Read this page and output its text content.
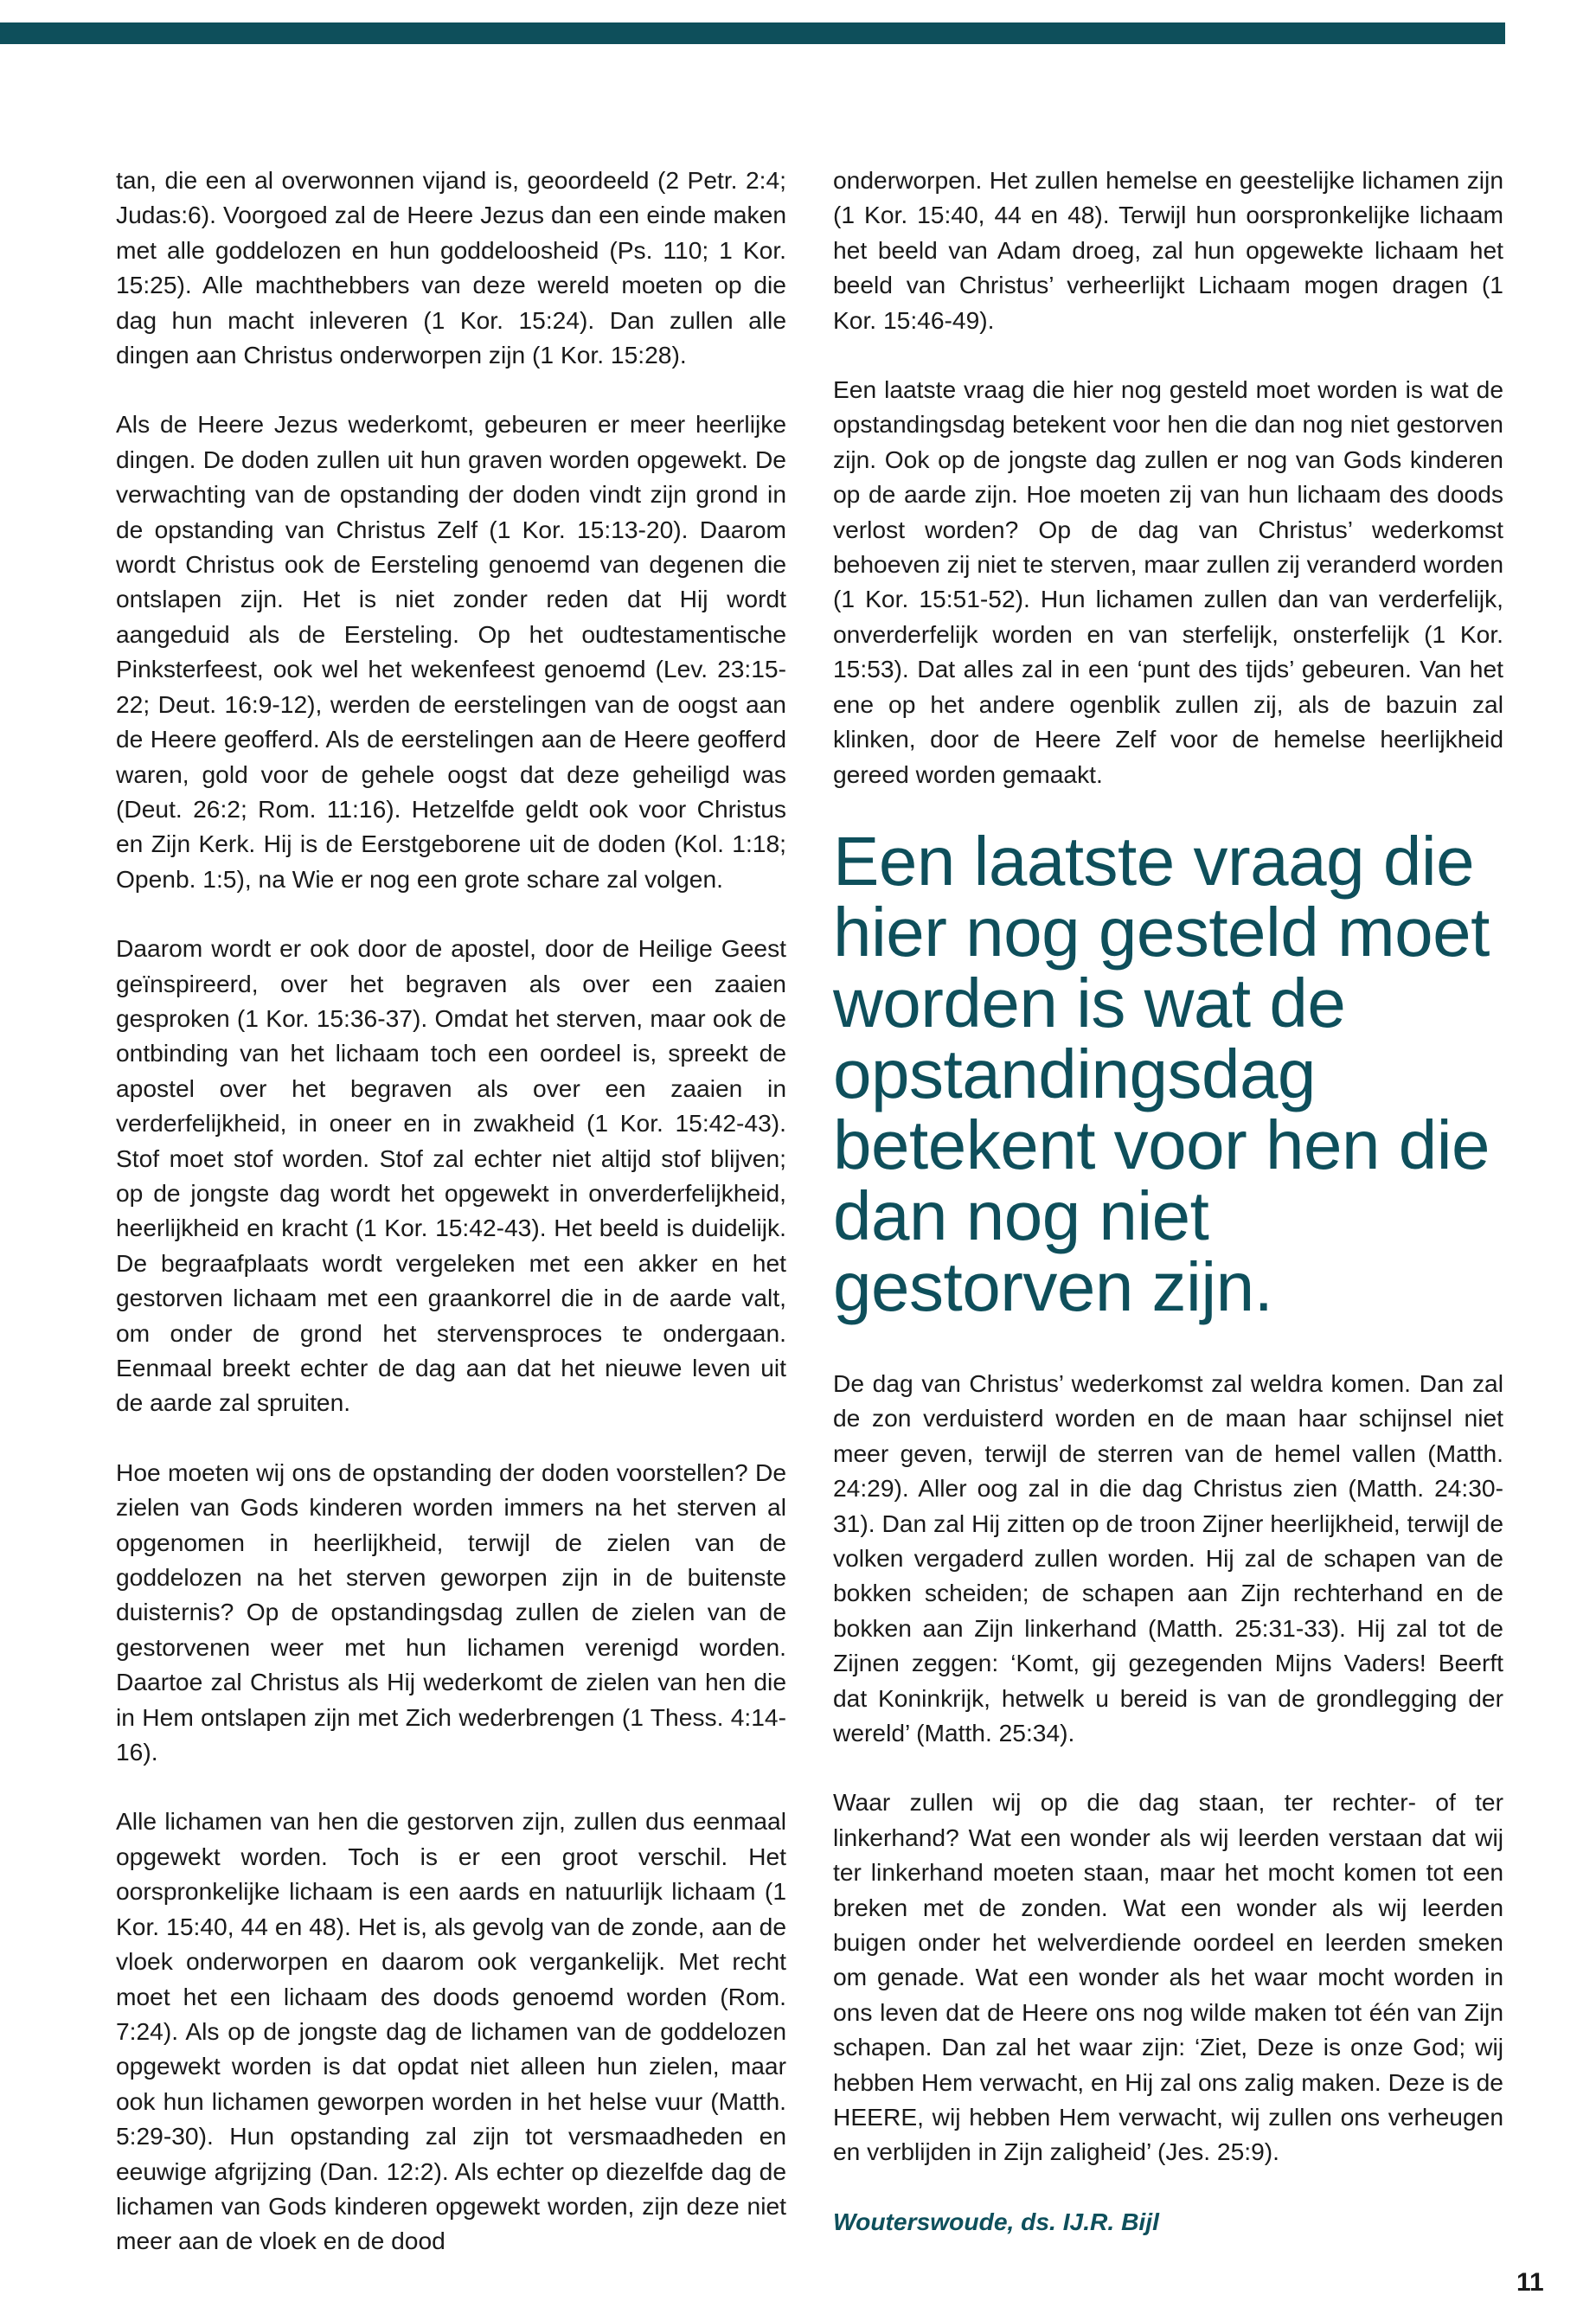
tan, die een al overwonnen vijand is, geoordeeld (2 Petr. 2:4; Judas:6). Voorgoed zal de Heere Jezus dan een einde maken met alle goddelozen en hun goddeloosheid (Ps. 110; 1 Kor. 15:25). Alle machthebbers van deze wereld moeten op die dag hun macht inleveren (1 Kor. 15:24). Dan zullen alle dingen aan Christus onderworpen zijn (1 Kor. 15:28).

Als de Heere Jezus wederkomt, gebeuren er meer heerlijke dingen. De doden zullen uit hun graven worden opgewekt. De verwachting van de opstanding der doden vindt zijn grond in de opstanding van Christus Zelf (1 Kor. 15:13-20). Daarom wordt Christus ook de Eersteling genoemd van degenen die ontslapen zijn. Het is niet zonder reden dat Hij wordt aangeduid als de Eersteling. Op het oudtestamentische Pinksterfeest, ook wel het wekenfeest genoemd (Lev. 23:15-22; Deut. 16:9-12), werden de eerstelingen van de oogst aan de Heere geofferd. Als de eerstelingen aan de Heere geofferd waren, gold voor de gehele oogst dat deze geheiligd was (Deut. 26:2; Rom. 11:16). Hetzelfde geldt ook voor Christus en Zijn Kerk. Hij is de Eerstgeborene uit de doden (Kol. 1:18; Openb. 1:5), na Wie er nog een grote schare zal volgen.

Daarom wordt er ook door de apostel, door de Heilige Geest geïnspireerd, over het begraven als over een zaaien gesproken (1 Kor. 15:36-37). Omdat het sterven, maar ook de ontbinding van het lichaam toch een oordeel is, spreekt de apostel over het begraven als over een zaaien in verderfelijkheid, in oneer en in zwakheid (1 Kor. 15:42-43). Stof moet stof worden. Stof zal echter niet altijd stof blijven; op de jongste dag wordt het opgewekt in onverderfelijkheid, heerlijkheid en kracht (1 Kor. 15:42-43). Het beeld is duidelijk. De begraafplaats wordt vergeleken met een akker en het gestorven lichaam met een graankorrel die in de aarde valt, om onder de grond het stervensproces te ondergaan. Eenmaal breekt echter de dag aan dat het nieuwe leven uit de aarde zal spruiten.

Hoe moeten wij ons de opstanding der doden voorstellen? De zielen van Gods kinderen worden immers na het sterven al opgenomen in heerlijkheid, terwijl de zielen van de goddelozen na het sterven geworpen zijn in de buitenste duisternis? Op de opstandingsdag zullen de zielen van de gestorvenen weer met hun lichamen verenigd worden. Daartoe zal Christus als Hij wederkomt de zielen van hen die in Hem ontslapen zijn met Zich wederbrengen (1 Thess. 4:14-16).

Alle lichamen van hen die gestorven zijn, zullen dus eenmaal opgewekt worden. Toch is er een groot verschil. Het oorspronkelijke lichaam is een aards en natuurlijk lichaam (1 Kor. 15:40, 44 en 48). Het is, als gevolg van de zonde, aan de vloek onderworpen en daarom ook vergankelijk. Met recht moet het een lichaam des doods genoemd worden (Rom. 7:24). Als op de jongste dag de lichamen van de goddelozen opgewekt worden is dat opdat niet alleen hun zielen, maar ook hun lichamen geworpen worden in het helse vuur (Matth. 5:29-30). Hun opstanding zal zijn tot versmaadheden en eeuwige afgrijzing (Dan. 12:2). Als echter op diezelfde dag de lichamen van Gods kinderen opgewekt worden, zijn deze niet meer aan de vloek en de dood

onderworpen. Het zullen hemelse en geestelijke lichamen zijn (1 Kor. 15:40, 44 en 48). Terwijl hun oorspronkelijke lichaam het beeld van Adam droeg, zal hun opgewekte lichaam het beeld van Christus’ verheerlijkt Lichaam mogen dragen (1 Kor. 15:46-49).

Een laatste vraag die hier nog gesteld moet worden is wat de opstandingsdag betekent voor hen die dan nog niet gestorven zijn. Ook op de jongste dag zullen er nog van Gods kinderen op de aarde zijn. Hoe moeten zij van hun lichaam des doods verlost worden? Op de dag van Christus’ wederkomst behoeven zij niet te sterven, maar zullen zij veranderd worden (1 Kor. 15:51-52). Hun lichamen zullen dan van verderfelijk, onverderfelijk worden en van sterfelijk, onsterfelijk (1 Kor. 15:53). Dat alles zal in een ‘punt des tijds’ gebeuren. Van het ene op het andere ogenblik zullen zij, als de bazuin zal klinken, door de Heere Zelf voor de hemelse heerlijkheid gereed worden gemaakt.

Een laatste vraag die hier nog gesteld moet worden is wat de opstandingsdag betekent voor hen die dan nog niet gestorven zijn.

De dag van Christus’ wederkomst zal weldra komen. Dan zal de zon verduisterd worden en de maan haar schijnsel niet meer geven, terwijl de sterren van de hemel vallen (Matth. 24:29). Aller oog zal in die dag Christus zien (Matth. 24:30-31). Dan zal Hij zitten op de troon Zijner heerlijkheid, terwijl de volken vergaderd zullen worden. Hij zal de schapen van de bokken scheiden; de schapen aan Zijn rechterhand en de bokken aan Zijn linkerhand (Matth. 25:31-33). Hij zal tot de Zijnen zeggen: ‘Komt, gij gezegenden Mijns Vaders! Beerft dat Koninkrijk, hetwelk u bereid is van de grondlegging der wereld’ (Matth. 25:34).

Waar zullen wij op die dag staan, ter rechter- of ter linkerhand? Wat een wonder als wij leerden verstaan dat wij ter linkerhand moeten staan, maar het mocht komen tot een breken met de zonden. Wat een wonder als wij leerden buigen onder het welverdiende oordeel en leerden smeken om genade. Wat een wonder als het waar mocht worden in ons leven dat de Heere ons nog wilde maken tot één van Zijn schapen. Dan zal het waar zijn: ‘Ziet, Deze is onze God; wij hebben Hem verwacht, en Hij zal ons zalig maken. Deze is de HEERE, wij hebben Hem verwacht, wij zullen ons verheugen en verblijden in Zijn zaligheid’ (Jes. 25:9).

Wouterswoude, ds. IJ.R. Bijl

11
